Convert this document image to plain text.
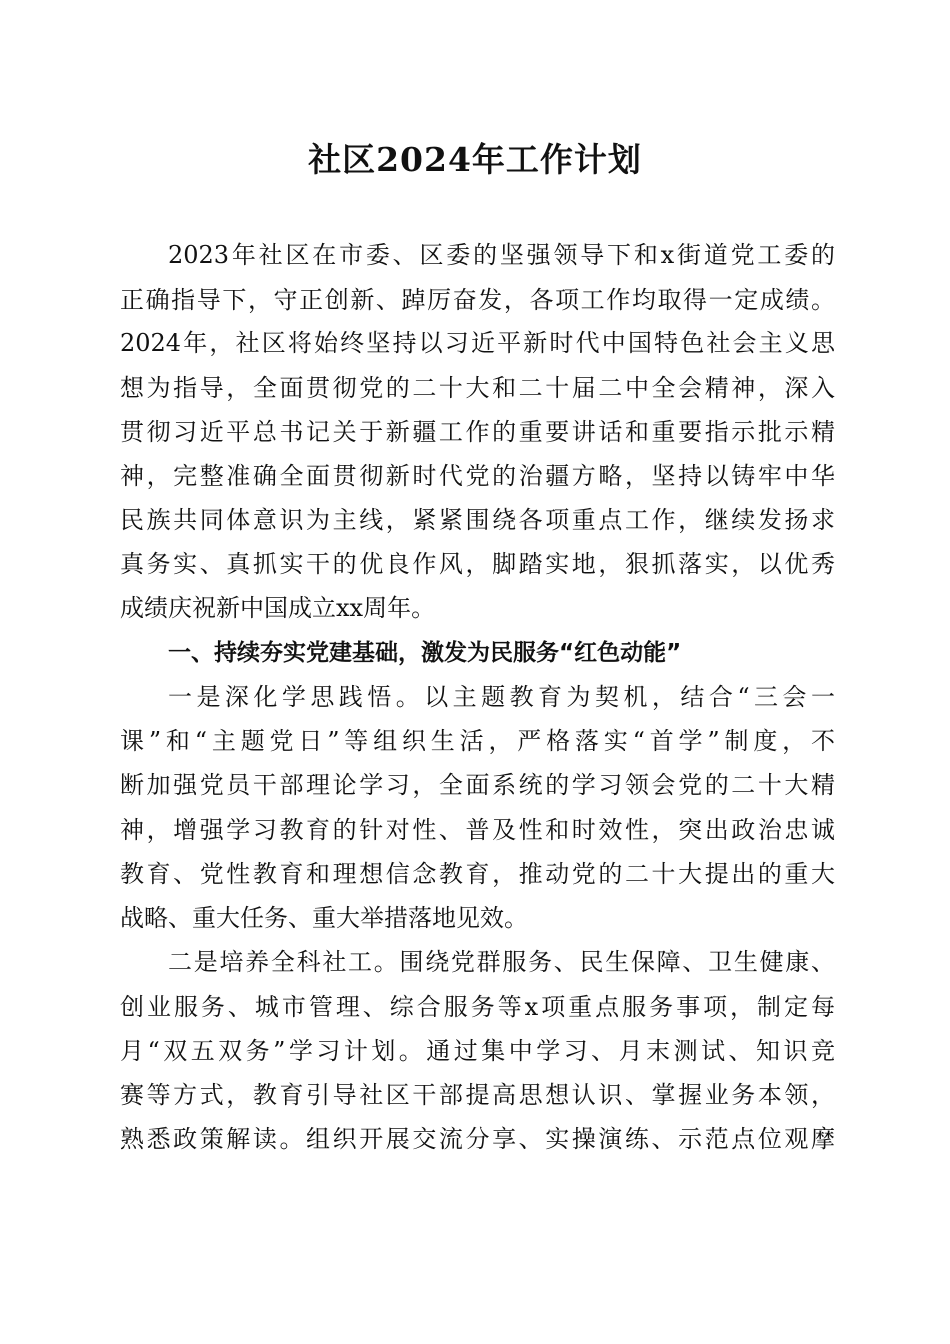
社区2024年工作计划

2023年社区在市委、区委的坚强领导下和x街道党工委的

正确指导下，守正创新、踔厉奋发，各项工作均取得一定成绩。

2024年，社区将始终坚持以习近平新时代中国特色社会主义思

想为指导，全面贯彻党的二十大和二十届二中全会精神，深入

贯彻习近平总书记关于新疆工作的重要讲话和重要指示批示精

神，完整准确全面贯彻新时代党的治疆方略，坚持以铸牢中华

民族共同体意识为主线，紧紧围绕各项重点工作，继续发扬求

真务实、真抓实干的优良作风，脚踏实地，狠抓落实，以优秀

成绩庆祝新中国成立xx周年。

一、持续夯实党建基础，激发为民服务“红色动能”

一是深化学思践悟。以主题教育为契机，结合“三会一

课”和“主题党日”等组织生活，严格落实“首学”制度，不

断加强党员干部理论学习，全面系统的学习领会党的二十大精

神，增强学习教育的针对性、普及性和时效性，突出政治忠诚

教育、党性教育和理想信念教育，推动党的二十大提出的重大

战略、重大任务、重大举措落地见效。

二是培养全科社工。围绕党群服务、民生保障、卫生健康、

创业服务、城市管理、综合服务等x项重点服务事项，制定每

月“双五双务”学习计划。通过集中学习、月末测试、知识竞

赛等方式，教育引导社区干部提高思想认识、掌握业务本领，

熟悉政策解读。组织开展交流分享、实操演练、示范点位观摩
